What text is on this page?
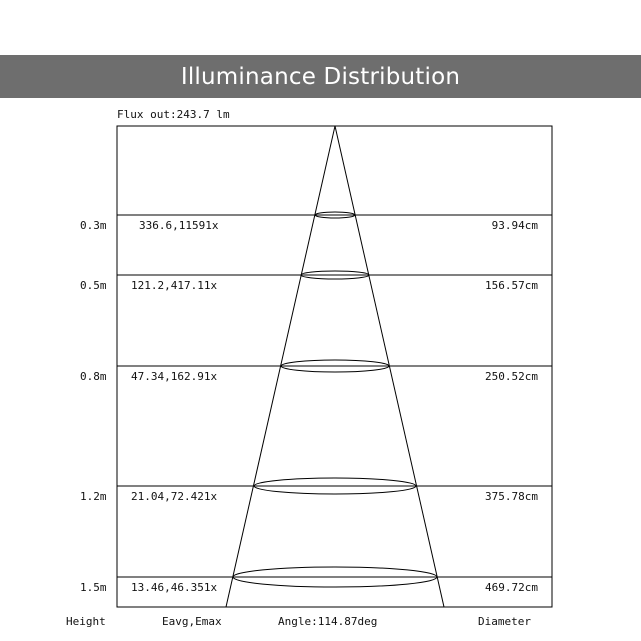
Illuminance Distribution
Flux out:243.7 lm
0.3m	336.6,11591x	93.94cm
0.5m 121.2,417.11x	156.57cm
0.8m 47.34,162.91x	250.52cm
1.2m 21.04,72.421x	375.78cm
1.5m 13.46,46.351x	469.72cm
Height	Eavg,Emax	Angle:114.87deg	Diameter
